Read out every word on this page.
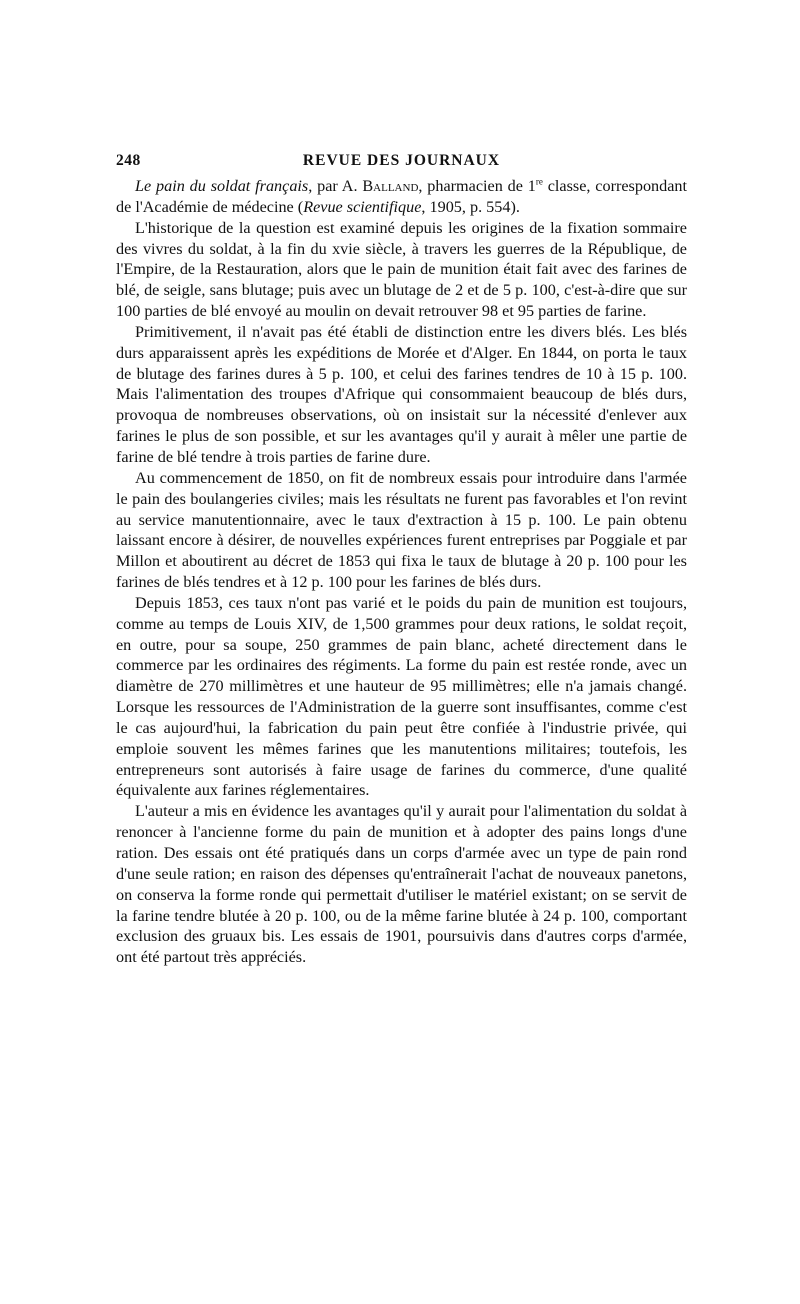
248	REVUE DES JOURNAUX

Le pain du soldat français, par A. Balland, pharmacien de 1re classe, correspondant de l'Académie de médecine (Revue scientifique, 1905, p. 554).

L'historique de la question est examiné depuis les origines de la fixation sommaire des vivres du soldat, à la fin du xvie siècle, à travers les guerres de la République, de l'Empire, de la Restauration, alors que le pain de munition était fait avec des farines de blé, de seigle, sans blutage; puis avec un blutage de 2 et de 5 p. 100, c'est-à-dire que sur 100 parties de blé envoyé au moulin on devait retrouver 98 et 95 parties de farine.

Primitivement, il n'avait pas été établi de distinction entre les divers blés. Les blés durs apparaissent après les expéditions de Morée et d'Alger. En 1844, on porta le taux de blutage des farines dures à 5 p. 100, et celui des farines tendres de 10 à 15 p. 100. Mais l'alimentation des troupes d'Afrique qui consommaient beaucoup de blés durs, provoqua de nombreuses observations, où on insistait sur la nécessité d'enlever aux farines le plus de son possible, et sur les avantages qu'il y aurait à mêler une partie de farine de blé tendre à trois parties de farine dure.

Au commencement de 1850, on fit de nombreux essais pour introduire dans l'armée le pain des boulangeries civiles; mais les résultats ne furent pas favorables et l'on revint au service manutentionnaire, avec le taux d'extraction à 15 p. 100. Le pain obtenu laissant encore à désirer, de nouvelles expériences furent entreprises par Poggiale et par Millon et aboutirent au décret de 1853 qui fixa le taux de blutage à 20 p. 100 pour les farines de blés tendres et à 12 p. 100 pour les farines de blés durs.

Depuis 1853, ces taux n'ont pas varié et le poids du pain de munition est toujours, comme au temps de Louis XIV, de 1,500 grammes pour deux rations, le soldat reçoit, en outre, pour sa soupe, 250 grammes de pain blanc, acheté directement dans le commerce par les ordinaires des régiments. La forme du pain est restée ronde, avec un diamètre de 270 millimètres et une hauteur de 95 millimètres; elle n'a jamais changé. Lorsque les ressources de l'Administration de la guerre sont insuffisantes, comme c'est le cas aujourd'hui, la fabrication du pain peut être confiée à l'industrie privée, qui emploie souvent les mêmes farines que les manutentions militaires; toutefois, les entrepreneurs sont autorisés à faire usage de farines du commerce, d'une qualité équivalente aux farines réglementaires.

L'auteur a mis en évidence les avantages qu'il y aurait pour l'alimentation du soldat à renoncer à l'ancienne forme du pain de munition et à adopter des pains longs d'une ration. Des essais ont été pratiqués dans un corps d'armée avec un type de pain rond d'une seule ration; en raison des dépenses qu'entraînerait l'achat de nouveaux panetons, on conserva la forme ronde qui permettait d'utiliser le matériel existant; on se servit de la farine tendre blutée à 20 p. 100, ou de la même farine blutée à 24 p. 100, comportant exclusion des gruaux bis. Les essais de 1901, poursuivis dans d'autres corps d'armée, ont été partout très appréciés.
